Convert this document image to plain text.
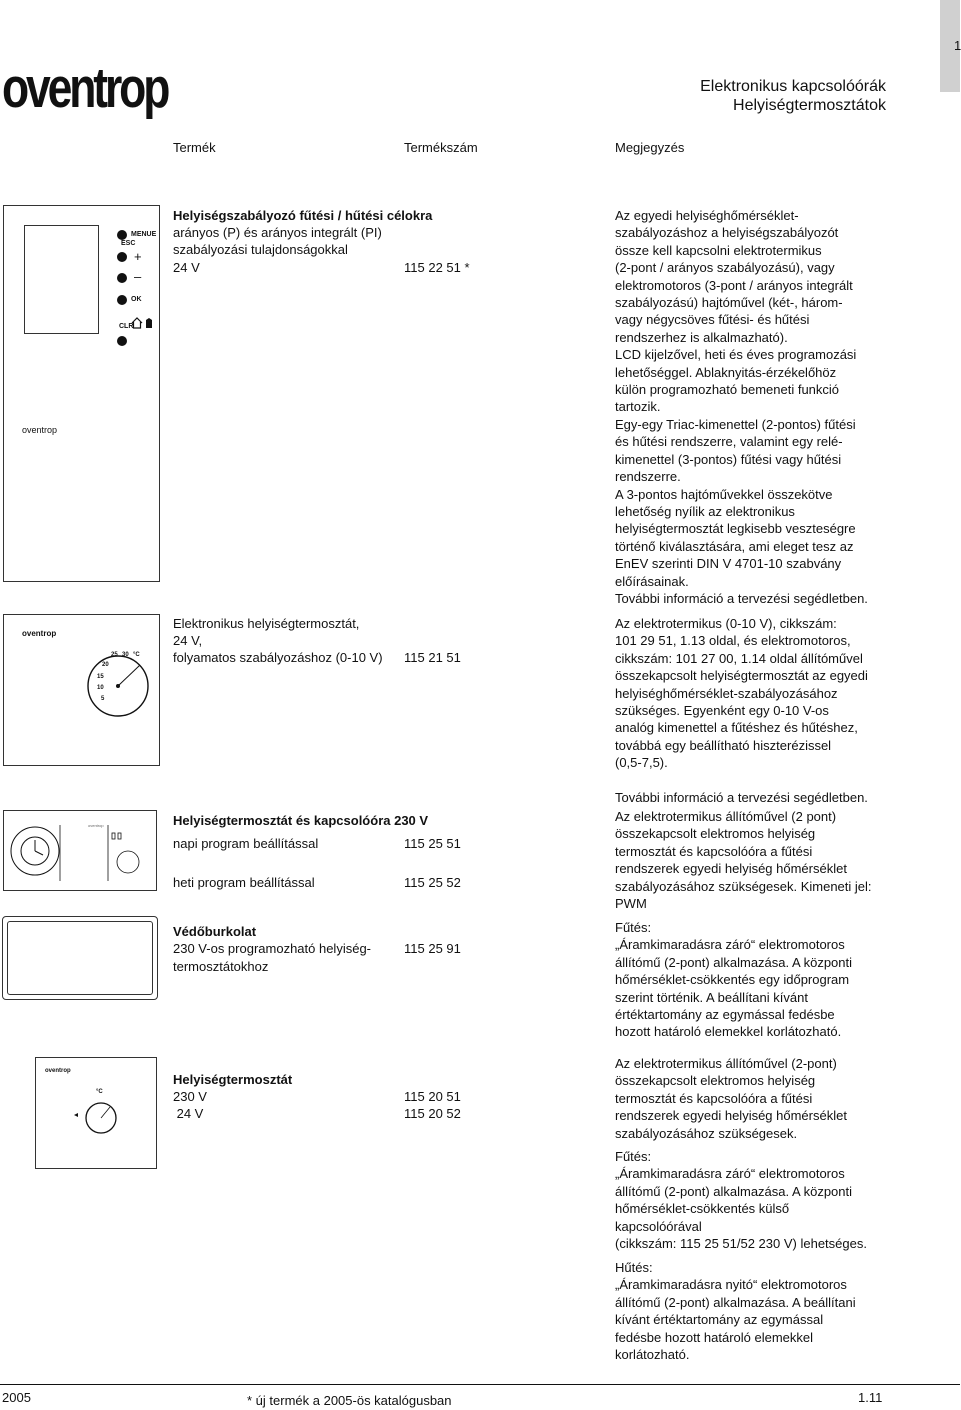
oventrop
1
Elektronikus kapcsolóórák
Helyiségtermosztátok
Termék	Termékszám	Megjegyzés
MENUE
ESC
+
–
OK
CLR
oventrop
Helyiségszabályozó fűtési / hűtési célokra
arányos (P) és arányos integrált (PI)
szabályozási tulajdonságokkal
24 V	115 22 51 *
Az egyedi helyiséghőmérséklet-
szabályozáshoz a helyiségszabályozót
össze kell kapcsolni elektrotermikus
(2-pont / arányos szabályozású), vagy
elektromotoros (3-pont / arányos integrált
szabályozású) hajtóművel (két-, három-
vagy négycsöves fűtési- és hűtési
rendszerhez is alkalmazható).
LCD kijelzővel, heti és éves programozási
lehetőséggel. Ablaknyitás-érzékelőhöz
külön programozható bemeneti funkció
tartozik.
Egy-egy Triac-kimenettel (2-pontos) fűtési
és hűtési rendszerre, valamint egy relé-
kimenettel (3-pontos) fűtési vagy hűtési
rendszerre.
A 3-pontos hajtóművekkel összekötve
lehetőség nyílik az elektronikus
helyiségtermosztát legkisebb veszteségre
történő kiválasztására, ami eleget tesz az
EnEV szerinti DIN V 4701-10 szabvány
előírásainak.
További információ a tervezési segédletben.
oventrop
25 30 °C
20
15
10
5
Elektronikus helyiségtermosztát,
24 V,
folyamatos szabályozáshoz (0-10 V) 115 21 51
Az elektrotermikus (0-10 V), cikkszám:
101 29 51, 1.13 oldal, és elektromotoros,
cikkszám: 101 27 00, 1.14 oldal állítóművel
összekapcsolt helyiségtermosztát az egyedi
helyiséghőmérséklet-szabályozásához
szükséges. Egyenként egy 0-10 V-os
analóg kimenettel a fűtéshez és hűtéshez,
továbbá egy beállítható hiszterézissel
(0,5-7,5).

További információ a tervezési segédletben.
oventrop	Helyiségtermosztát és kapcsolóóra 230 V
napi program beállítással	115 25 51
heti program beállítással	115 25 52
Az elektrotermikus állítóművel (2 pont)
összekapcsolt elektromos helyiség
termosztát és kapcsolóóra a fűtési
rendszerek egyedi helyiség hőmérséklet
szabályozásához szükségesek. Kimeneti jel:
PWM
Fűtés:
„Áramkimaradásra záró“ elektromotoros
állítómű (2-pont) alkalmazása. A központi
hőmérséklet-csökkentés egy időprogram
szerint történik. A beállítani kívánt
értéktartomány az egymással fedésbe
hozott határoló elemekkel korlátozható.
Védőburkolat
230 V-os programozható helyiség-
termosztátokhoz
115 25 91
oventrop
°C
Helyiségtermosztát
230 V	115 20 51
24 V	115 20 52
Az elektrotermikus állítóművel (2-pont)
összekapcsolt elektromos helyiség
termosztát és kapcsolóóra a fűtési
rendszerek egyedi helyiség hőmérséklet
szabályozásához szükségesek.
Fűtés:
„Áramkimaradásra záró“ elektromotoros
állítómű (2-pont) alkalmazása. A központi
hőmérséklet-csökkentés külső
kapcsolóórával
(cikkszám: 115 25 51/52 230 V) lehetséges.
Hűtés:
„Áramkimaradásra nyitó“ elektromotoros
állítómű (2-pont) alkalmazása. A beállítani
kívánt értéktartomány az egymással
fedésbe hozott határoló elemekkel
korlátozható.
2005	* új termék a 2005-ös katalógusban	1.11
